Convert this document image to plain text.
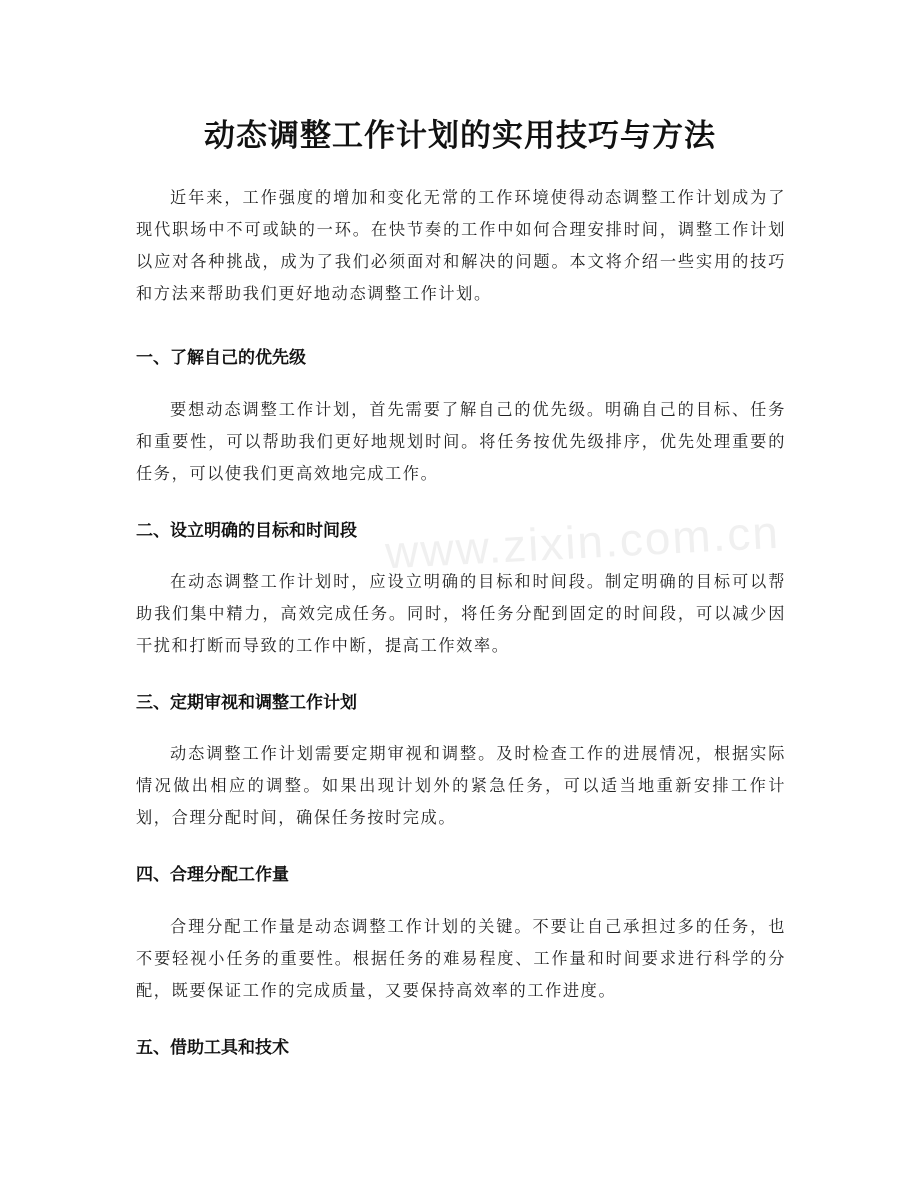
动态调整工作计划的实用技巧与方法

近年来，工作强度的增加和变化无常的工作环境使得动态调整工作计划成为了现代职场中不可或缺的一环。在快节奏的工作中如何合理安排时间，调整工作计划以应对各种挑战，成为了我们必须面对和解决的问题。本文将介绍一些实用的技巧和方法来帮助我们更好地动态调整工作计划。

一、了解自己的优先级

要想动态调整工作计划，首先需要了解自己的优先级。明确自己的目标、任务和重要性，可以帮助我们更好地规划时间。将任务按优先级排序，优先处理重要的任务，可以使我们更高效地完成工作。

二、设立明确的目标和时间段

在动态调整工作计划时，应设立明确的目标和时间段。制定明确的目标可以帮助我们集中精力，高效完成任务。同时，将任务分配到固定的时间段，可以减少因干扰和打断而导致的工作中断，提高工作效率。

三、定期审视和调整工作计划

动态调整工作计划需要定期审视和调整。及时检查工作的进展情况，根据实际情况做出相应的调整。如果出现计划外的紧急任务，可以适当地重新安排工作计划，合理分配时间，确保任务按时完成。

四、合理分配工作量

合理分配工作量是动态调整工作计划的关键。不要让自己承担过多的任务，也不要轻视小任务的重要性。根据任务的难易程度、工作量和时间要求进行科学的分配，既要保证工作的完成质量，又要保持高效率的工作进度。

五、借助工具和技术
www.zixin.com.cn
